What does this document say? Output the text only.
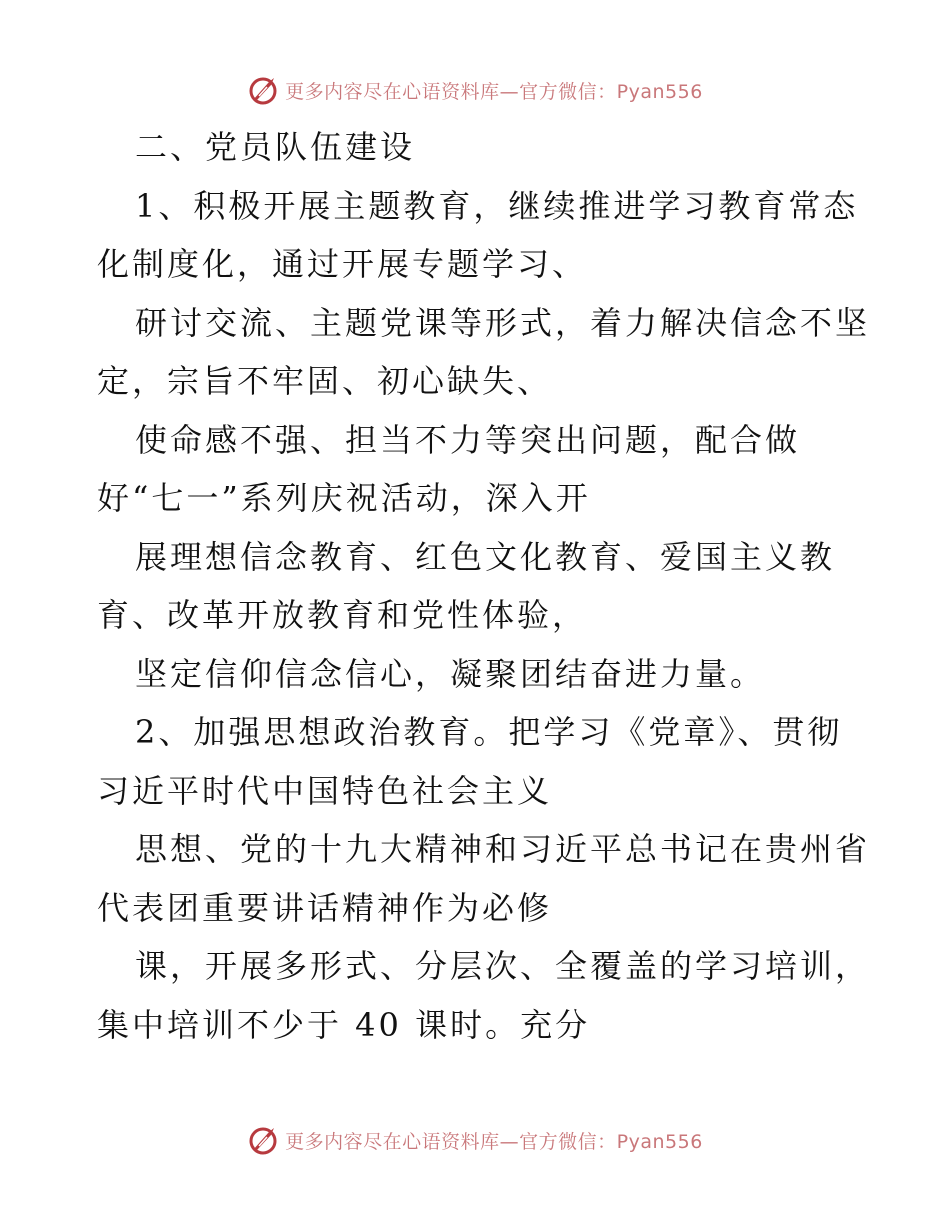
更多内容尽在心语资料库—官方微信：Pyan556
二、党员队伍建设
1、积极开展主题教育，继续推进学习教育常态
化制度化，通过开展专题学习、
研讨交流、主题党课等形式，着力解决信念不坚
定，宗旨不牢固、初心缺失、
使命感不强、担当不力等突出问题，配合做
好“七一”系列庆祝活动，深入开
展理想信念教育、红色文化教育、爱国主义教
育、改革开放教育和党性体验，
坚定信仰信念信心，凝聚团结奋进力量。
2、加强思想政治教育。把学习《党章》、贯彻
习近平时代中国特色社会主义
思想、党的十九大精神和习近平总书记在贵州省
代表团重要讲话精神作为必修
课，开展多形式、分层次、全覆盖的学习培训，
集中培训不少于 40 课时。充分
更多内容尽在心语资料库—官方微信：Pyan556
